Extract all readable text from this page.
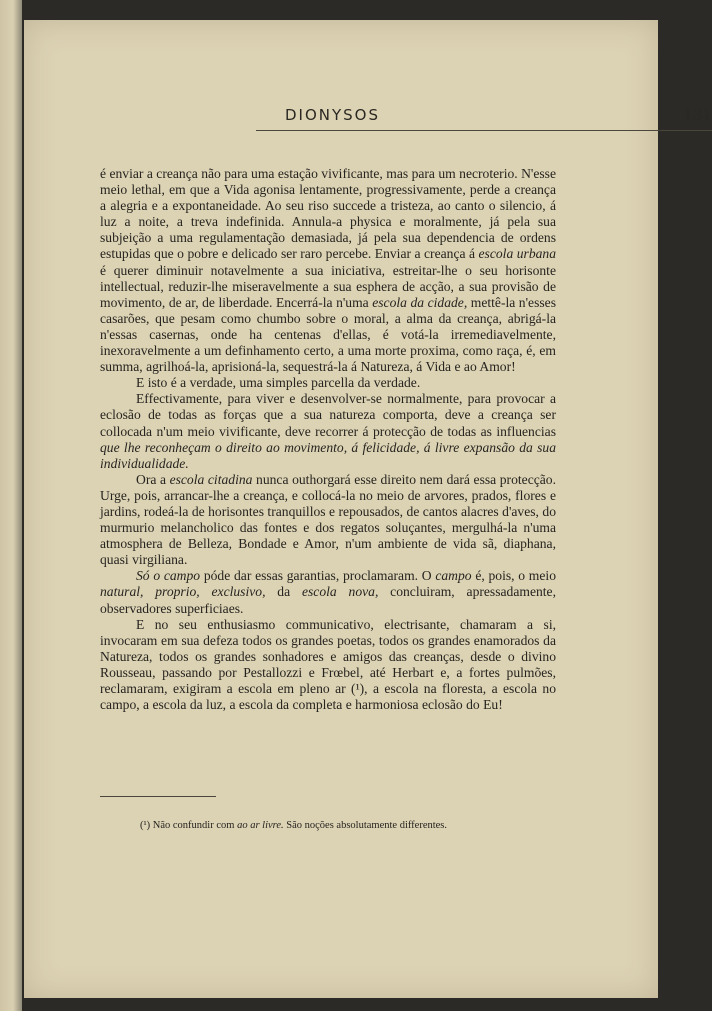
DIONYSOS	131

é enviar a creança não para uma estação vivificante, mas para um necroterio. N'esse meio lethal, em que a Vida agonisa lentamente, progressivamente, perde a creança a alegria e a expontaneidade. Ao seu riso succede a tristeza, ao canto o silencio, á luz a noite, a treva indefinida. Annula-a physica e moralmente, já pela sua subjeição a uma regulamentação demasiada, já pela sua dependencia de ordens estupidas que o pobre e delicado ser raro percebe. Enviar a creança á escola urbana é querer diminuir notavelmente a sua iniciativa, estreitar-lhe o seu horisonte intellectual, reduzir-lhe miseravelmente a sua esphera de acção, a sua provisão de movimento, de ar, de liberdade. Encerrá-la n'uma escola da cidade, mettê-la n'esses casarões, que pesam como chumbo sobre o moral, a alma da creança, abrigá-la n'essas casernas, onde ha centenas d'ellas, é votá-la irremediavelmente, inexoravelmente a um definhamento certo, a uma morte proxima, como raça, é, em summa, agrilhoá-la, aprisioná-la, sequestrá-la á Natureza, á Vida e ao Amor!

E isto é a verdade, uma simples parcella da verdade.

Effectivamente, para viver e desenvolver-se normalmente, para provocar a eclosão de todas as forças que a sua natureza comporta, deve a creança ser collocada n'um meio vivificante, deve recorrer á protecção de todas as influencias que lhe reconheçam o direito ao movimento, á felicidade, á livre expansão da sua individualidade.

Ora a escola citadina nunca outhorgará esse direito nem dará essa protecção. Urge, pois, arrancar-lhe a creança, e collocá-la no meio de arvores, prados, flores e jardins, rodeá-la de horisontes tranquillos e repousados, de cantos alacres d'aves, do murmurio melancholico das fontes e dos regatos soluçantes, mergulhá-la n'uma atmosphera de Belleza, Bondade e Amor, n'um ambiente de vida sã, diaphana, quasi virgiliana.

Só o campo póde dar essas garantias, proclamaram. O campo é, pois, o meio natural, proprio, exclusivo, da escola nova, concluiram, apressadamente, observadores superficiaes.

E no seu enthusiasmo communicativo, electrisante, chamaram a si, invocaram em sua defeza todos os grandes poetas, todos os grandes enamorados da Natureza, todos os grandes sonhadores e amigos das creanças, desde o divino Rousseau, passando por Pestallozzi e Frœbel, até Herbart e, a fortes pulmões, reclamaram, exigiram a escola em pleno ar (¹), a escola na floresta, a escola no campo, a escola da luz, a escola da completa e harmoniosa eclosão do Eu!

(¹) Não confundir com ao ar livre. São noções absolutamente differentes.
